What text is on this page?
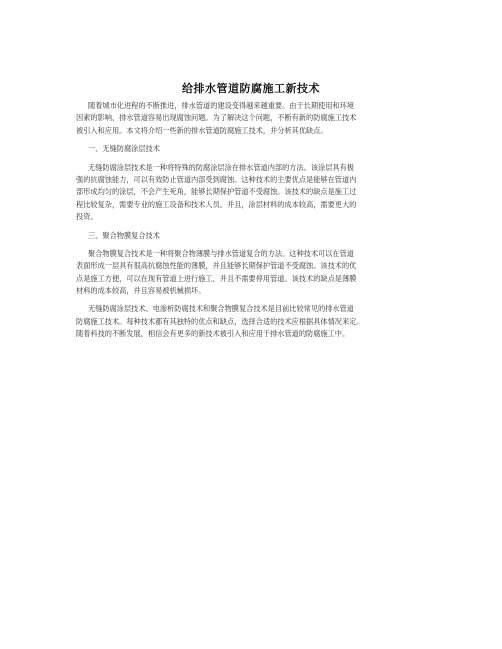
给排水管道防腐施工新技术
随着城市化进程的不断推进，排水管道的建设变得越来越重要。由于长期使用和环境
因素的影响，排水管道容易出现腐蚀问题。为了解决这个问题，不断有新的防腐施工技术
被引入和应用。本文将介绍一些新的排水管道防腐施工技术，并分析其优缺点。
一、无缝防腐涂层技术
无缝防腐涂层技术是一种将特殊的防腐涂层涂在排水管道内部的方法。该涂层具有极
强的抗腐蚀能力，可以有效防止管道内部受到腐蚀。这种技术的主要优点是能够在管道内
部形成均匀的涂层，不会产生死角，能够长期保护管道不受腐蚀。该技术的缺点是施工过
程比较复杂，需要专业的施工设备和技术人员。并且，涂层材料的成本较高，需要更大的
投资。
三、聚合物膜复合技术
聚合物膜复合技术是一种将聚合物薄膜与排水管道复合的方法。这种技术可以在管道
表面形成一层具有很高抗腐蚀性能的薄膜，并且能够长期保护管道不受腐蚀。该技术的优
点是施工方便，可以在现有管道上进行施工，并且不需要停用管道。该技术的缺点是薄膜
材料的成本较高，并且容易被机械损坏。
无缝防腐涂层技术、电渗析防腐技术和聚合物膜复合技术是目前比较常见的排水管道
防腐施工技术。每种技术都有其独特的优点和缺点，选择合适的技术应根据具体情况来定。
随着科技的不断发展，相信会有更多的新技术被引入和应用于排水管道的防腐施工中。
